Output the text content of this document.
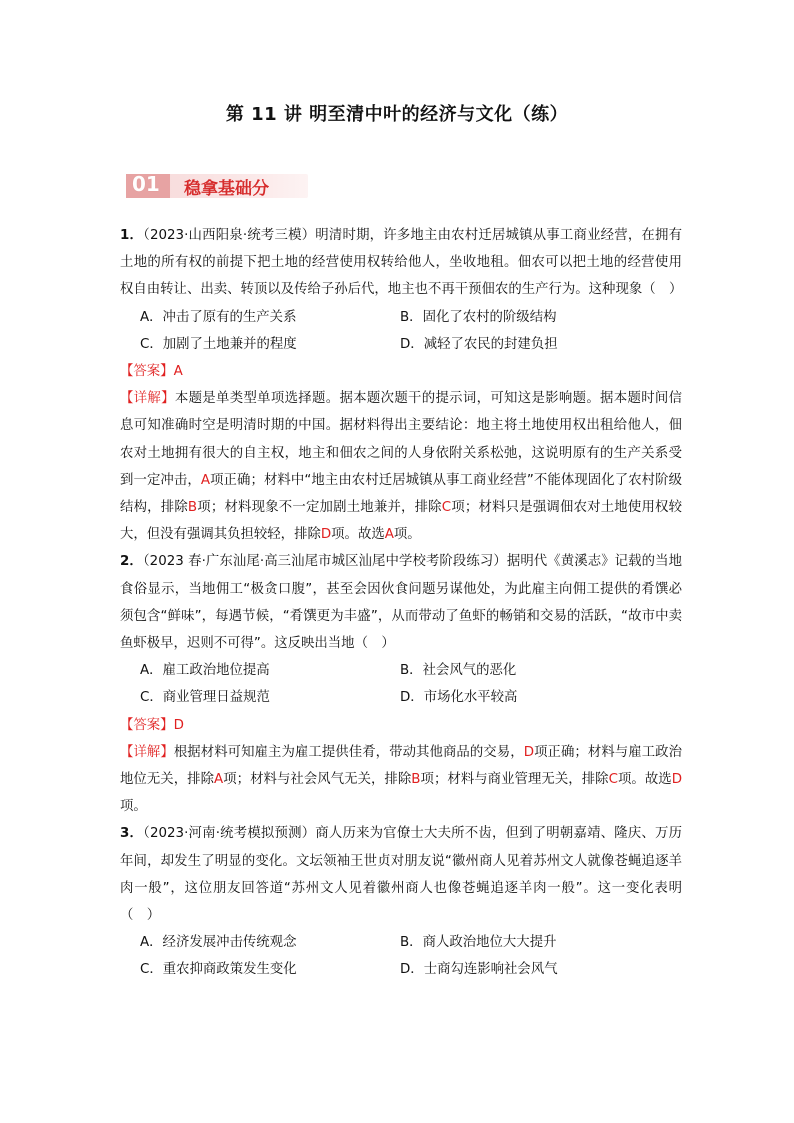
第 11 讲 明至清中叶的经济与文化（练）
01 稳拿基础分

1．（2023·山西阳泉·统考三模）明清时期，许多地主由农村迁居城镇从事工商业经营，在拥有土地的所有权的前提下把土地的经营使用权转给他人，坐收地租。佃农可以把土地的经营使用权自由转让、出卖、转顶以及传给子孙后代，地主也不再干预佃农的生产行为。这种现象（　）

A．冲击了原有的生产关系	B．固化了农村的阶级结构
C．加剧了土地兼并的程度	D．减轻了农民的封建负担

【答案】A

【详解】本题是单类型单项选择题。据本题次题干的提示词，可知这是影响题。据本题时间信息可知准确时空是明清时期的中国。据材料得出主要结论：地主将土地使用权出租给他人，佃农对土地拥有很大的自主权，地主和佃农之间的人身依附关系松弛，这说明原有的生产关系受到一定冲击，A项正确；材料中“地主由农村迁居城镇从事工商业经营”不能体现固化了农村阶级结构，排除B项；材料现象不一定加剧土地兼并，排除C项；材料只是强调佃农对土地使用权较大，但没有强调其负担较轻，排除D项。故选A项。

2．（2023 春·广东汕尾·高三汕尾市城区汕尾中学校考阶段练习）据明代《黄溪志》记载的当地食俗显示，当地佣工“极贪口腹”，甚至会因伙食问题另谋他处，为此雇主向佣工提供的肴馔必须包含“鲜味”，每遇节候，“肴馔更为丰盛”，从而带动了鱼虾的畅销和交易的活跃，“故市中卖鱼虾极早，迟则不可得”。这反映出当地（　）

A．雇工政治地位提高	B．社会风气的恶化
C．商业管理日益规范	D．市场化水平较高

【答案】D

【详解】根据材料可知雇主为雇工提供佳肴，带动其他商品的交易，D项正确；材料与雇工政治地位无关，排除A项；材料与社会风气无关，排除B项；材料与商业管理无关，排除C项。故选D项。

3．（2023·河南·统考模拟预测）商人历来为官僚士大夫所不齿，但到了明朝嘉靖、隆庆、万历年间，却发生了明显的变化。文坛领袖王世贞对朋友说“徽州商人见着苏州文人就像苍蝇追逐羊肉一般”，这位朋友回答道“苏州文人见着徽州商人也像苍蝇追逐羊肉一般”。这一变化表明（　）

A．经济发展冲击传统观念	B．商人政治地位大大提升
C．重农抑商政策发生变化	D．士商勾连影响社会风气
